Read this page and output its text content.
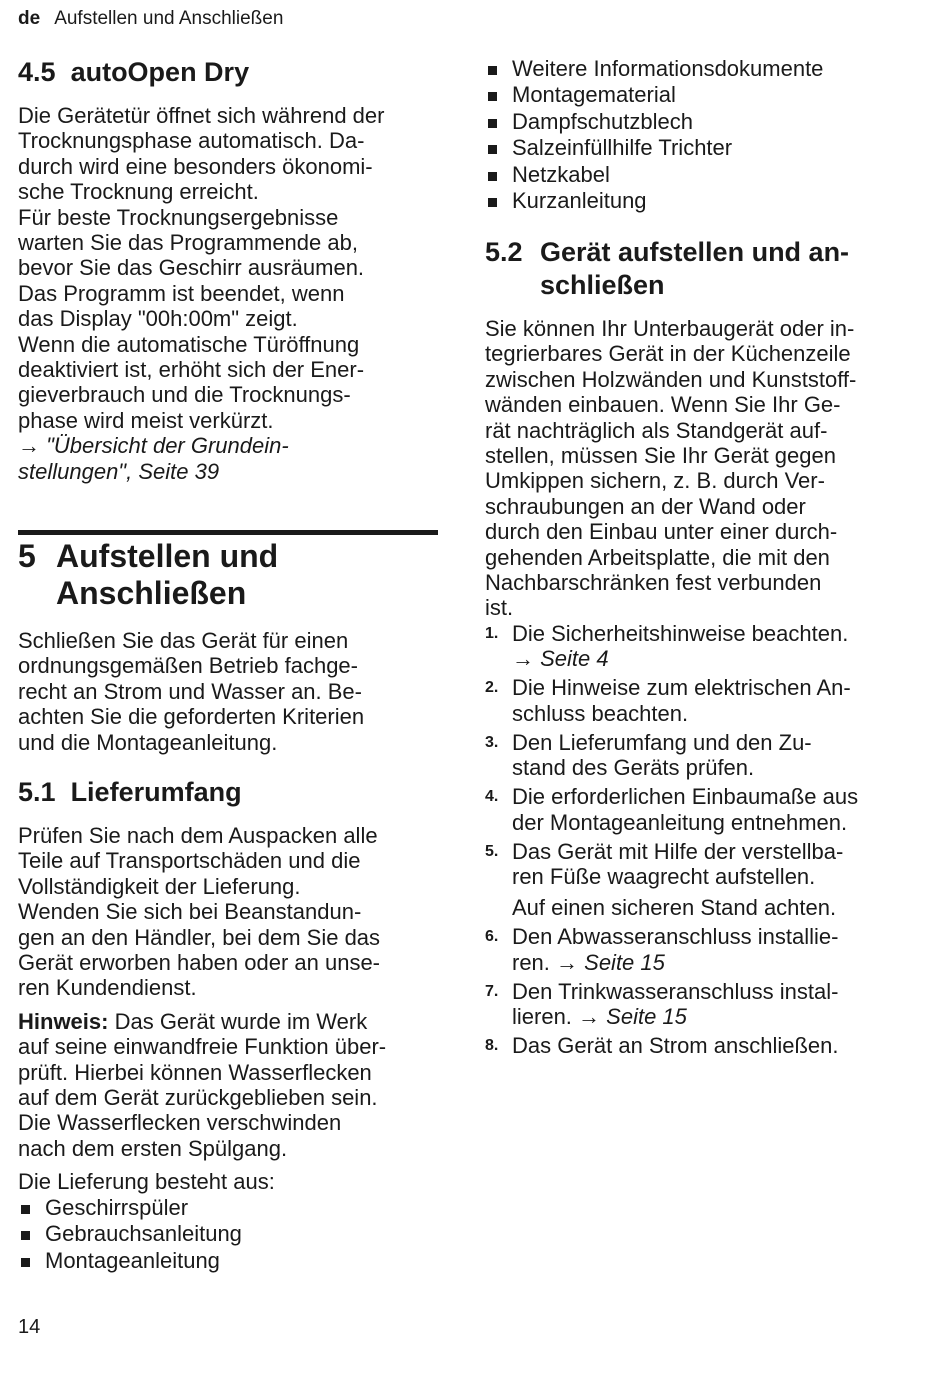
de Aufstellen und Anschließen
4.5 autoOpen Dry

Die Gerätetür öffnet sich während der
Trocknungsphase automatisch. Da-
durch wird eine besonders ökonomi-
sche Trocknung erreicht.

Für beste Trocknungsergebnisse
warten Sie das Programmende ab,
bevor Sie das Geschirr ausräumen.
Das Programm ist beendet, wenn
das Display "00h:00m" zeigt.

Wenn die automatische Türöffnung
deaktiviert ist, erhöht sich der Ener-
gieverbrauch und die Trocknungs-
phase wird meist verkürzt.

→ "Übersicht der Grundein-
stellungen", Seite 39

5 Aufstellen und
Anschließen

Schließen Sie das Gerät für einen
ordnungsgemäßen Betrieb fachge-
recht an Strom und Wasser an. Be-
achten Sie die geforderten Kriterien
und die Montageanleitung.

5.1 Lieferumfang

Prüfen Sie nach dem Auspacken alle
Teile auf Transportschäden und die
Vollständigkeit der Lieferung.

Wenden Sie sich bei Beanstandun-
gen an den Händler, bei dem Sie das
Gerät erworben haben oder an unse-
ren Kundendienst.

Hinweis: Das Gerät wurde im Werk
auf seine einwandfreie Funktion über-
prüft. Hierbei können Wasserflecken
auf dem Gerät zurückgeblieben sein.
Die Wasserflecken verschwinden
nach dem ersten Spülgang.

Die Lieferung besteht aus:

Geschirrspüler
Gebrauchsanleitung
Montageanleitung
Weitere Informationsdokumente
Montagematerial
Dampfschutzblech
Salzeinfüllhilfe Trichter
Netzkabel
Kurzanleitung
5.2 Gerät aufstellen und an-
schließen

Sie können Ihr Unterbaugerät oder in-
tegrierbares Gerät in der Küchenzeile
zwischen Holzwänden und Kunststoff-
wänden einbauen. Wenn Sie Ihr Ge-
rät nachträglich als Standgerät auf-
stellen, müssen Sie Ihr Gerät gegen
Umkippen sichern, z. B. durch Ver-
schraubungen an der Wand oder
durch den Einbau unter einer durch-
gehenden Arbeitsplatte, die mit den
Nachbarschränken fest verbunden
ist.

1. Die Sicherheitshinweise beachten.
→ Seite 4
2. Die Hinweise zum elektrischen An-
schluss beachten.
3. Den Lieferumfang und den Zu-
stand des Geräts prüfen.
4. Die erforderlichen Einbaumaße aus
der Montageanleitung entnehmen.
5. Das Gerät mit Hilfe der verstellba-
ren Füße waagrecht aufstellen.
Auf einen sicheren Stand achten.
6. Den Abwasseranschluss installie-
ren. → Seite 15
7. Den Trinkwasseranschluss instal-
lieren. → Seite 15
8. Das Gerät an Strom anschließen.
14
